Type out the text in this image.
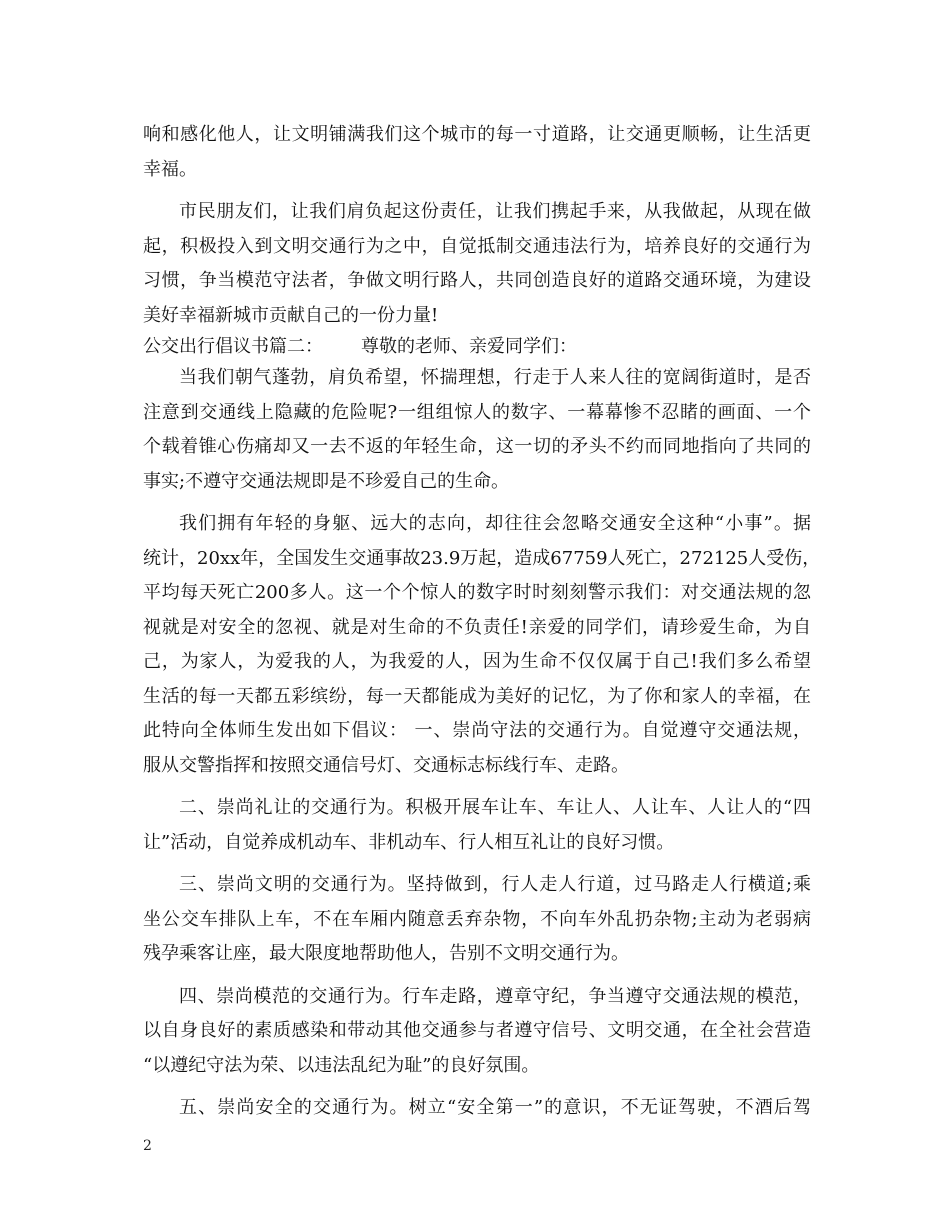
响和感化他人，让文明铺满我们这个城市的每一寸道路，让交通更顺畅，让生活更
幸福。
市民朋友们，让我们肩负起这份责任，让我们携起手来，从我做起，从现在做
起，积极投入到文明交通行为之中，自觉抵制交通违法行为，培养良好的交通行为
习惯，争当模范守法者，争做文明行路人，共同创造良好的道路交通环境，为建设
美好幸福新城市贡献自己的一份力量!
公交出行倡议书篇二： 尊敬的老师、亲爱同学们：
当我们朝气蓬勃，肩负希望，怀揣理想，行走于人来人往的宽阔街道时，是否
注意到交通线上隐藏的危险呢?一组组惊人的数字、一幕幕惨不忍睹的画面、一个
个载着锥心伤痛却又一去不返的年轻生命，这一切的矛头不约而同地指向了共同的
事实;不遵守交通法规即是不珍爱自己的生命。
我们拥有年轻的身躯、远大的志向，却往往会忽略交通安全这种“小事”。据
统计，20xx年，全国发生交通事故23.9万起，造成67759人死亡，272125人受伤，
平均每天死亡200多人。这一个个惊人的数字时时刻刻警示我们：对交通法规的忽
视就是对安全的忽视、就是对生命的不负责任!亲爱的同学们，请珍爱生命，为自
己，为家人，为爱我的人，为我爱的人，因为生命不仅仅属于自己!我们多么希望
生活的每一天都五彩缤纷，每一天都能成为美好的记忆，为了你和家人的幸福，在
此特向全体师生发出如下倡议： 一、崇尚守法的交通行为。自觉遵守交通法规，
服从交警指挥和按照交通信号灯、交通标志标线行车、走路。
二、崇尚礼让的交通行为。积极开展车让车、车让人、人让车、人让人的“四
让”活动，自觉养成机动车、非机动车、行人相互礼让的良好习惯。
三、崇尚文明的交通行为。坚持做到，行人走人行道，过马路走人行横道;乘
坐公交车排队上车，不在车厢内随意丢弃杂物，不向车外乱扔杂物;主动为老弱病
残孕乘客让座，最大限度地帮助他人，告别不文明交通行为。
四、崇尚模范的交通行为。行车走路，遵章守纪，争当遵守交通法规的模范，
以自身良好的素质感染和带动其他交通参与者遵守信号、文明交通，在全社会营造
“以遵纪守法为荣、以违法乱纪为耻”的良好氛围。
五、崇尚安全的交通行为。树立“安全第一”的意识，不无证驾驶，不酒后驾
2
